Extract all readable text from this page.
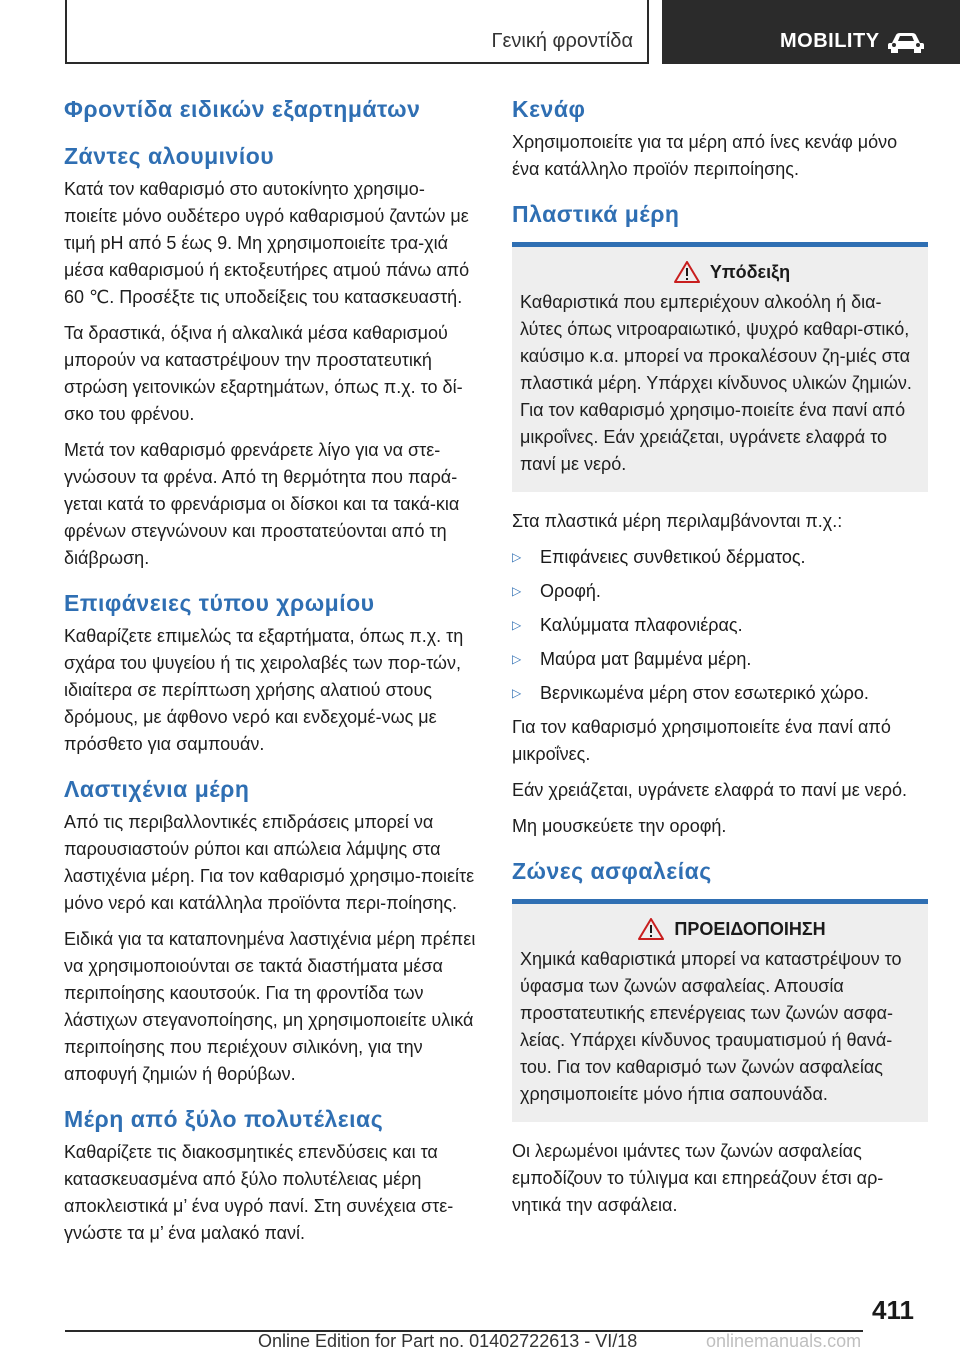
Γενική φροντίδα	MOBILITY
Φροντίδα ειδικών εξαρτημάτων
Ζάντες αλουμινίου

Κατά τον καθαρισμό στο αυτοκίνητο χρησιμο‐ποιείτε μόνο ουδέτερο υγρό καθαρισμού ζαντών με τιμή pH από 5 έως 9. Μη χρησιμοποιείτε τρα‐χιά μέσα καθαρισμού ή εκτοξευτήρες ατμού πάνω από 60 ℃. Προσέξτε τις υποδείξεις του κατασκευαστή.

Τα δραστικά, όξινα ή αλκαλικά μέσα καθαρισμού μπορούν να καταστρέψουν την προστατευτική στρώση γειτονικών εξαρτημάτων, όπως π.χ. το δί‐σκο του φρένου.

Μετά τον καθαρισμό φρενάρετε λίγο για να στε‐γνώσουν τα φρένα. Από τη θερμότητα που παρά‐γεται κατά το φρενάρισμα οι δίσκοι και τα τακά‐κια φρένων στεγνώνουν και προστατεύονται από τη διάβρωση.

Επιφάνειες τύπου χρωμίου

Καθαρίζετε επιμελώς τα εξαρτήματα, όπως π.χ. τη σχάρα του ψυγείου ή τις χειρολαβές των πορ‐τών, ιδιαίτερα σε περίπτωση χρήσης αλατιού στους δρόμους, με άφθονο νερό και ενδεχομέ‐νως με πρόσθετο για σαμπουάν.

Λαστιχένια μέρη

Από τις περιβαλλοντικές επιδράσεις μπορεί να παρουσιαστούν ρύποι και απώλεια λάμψης στα λαστιχένια μέρη. Για τον καθαρισμό χρησιμο‐ποιείτε μόνο νερό και κατάλληλα προϊόντα περι‐ποίησης.

Ειδικά για τα καταπονημένα λαστιχένια μέρη πρέπει να χρησιμοποιούνται σε τακτά διαστήματα μέσα περιποίησης καουτσούκ. Για τη φροντίδα των λάστιχων στεγανοποίησης, μη χρησιμοποιείτε υλικά περιποίησης που περιέχουν σιλικόνη, για την αποφυγή ζημιών ή θορύβων.

Μέρη από ξύλο πολυτέλειας

Καθαρίζετε τις διακοσμητικές επενδύσεις και τα κατασκευασμένα από ξύλο πολυτέλειας μέρη αποκλειστικά μ’ ένα υγρό πανί. Στη συνέχεια στε‐γνώστε τα μ’ ένα μαλακό πανί.

Κενάφ

Χρησιμοποιείτε για τα μέρη από ίνες κενάφ μόνο ένα κατάλληλο προϊόν περιποίησης.

Πλαστικά μέρη
Υπόδειξη

Καθαριστικά που εμπεριέχουν αλκοόλη ή δια‐λύτες όπως νιτροαραιωτικό, ψυχρό καθαρι‐στικό, καύσιμο κ.α. μπορεί να προκαλέσουν ζη‐μιές στα πλαστικά μέρη. Υπάρχει κίνδυνος υλικών ζημιών. Για τον καθαρισμό χρησιμο‐ποιείτε ένα πανί από μικροΐνες. Εάν χρειάζεται, υγράνετε ελαφρά το πανί με νερό.

Στα πλαστικά μέρη περιλαμβάνονται π.χ.:

▷	Επιφάνειες συνθετικού δέρματος.
▷	Οροφή.
▷	Καλύμματα πλαφονιέρας.
▷	Μαύρα ματ βαμμένα μέρη.
▷	Βερνικωμένα μέρη στον εσωτερικό χώρο.

Για τον καθαρισμό χρησιμοποιείτε ένα πανί από μικροΐνες.

Εάν χρειάζεται, υγράνετε ελαφρά το πανί με νερό.

Μη μουσκεύετε την οροφή.

Ζώνες ασφαλείας
ΠΡΟΕΙΔΟΠΟΙΗΣΗ

Χημικά καθαριστικά μπορεί να καταστρέψουν το ύφασμα των ζωνών ασφαλείας. Απουσία προστατευτικής επενέργειας των ζωνών ασφα‐λείας. Υπάρχει κίνδυνος τραυματισμού ή θανά‐του. Για τον καθαρισμό των ζωνών ασφαλείας χρησιμοποιείτε μόνο ήπια σαπουνάδα.

Οι λερωμένοι ιμάντες των ζωνών ασφαλείας εμποδίζουν το τύλιγμα και επηρεάζουν έτσι αρ‐νητικά την ασφάλεια.

411
onlinemanuals.com
Online Edition for Part no. 01402722613 - VI/18
